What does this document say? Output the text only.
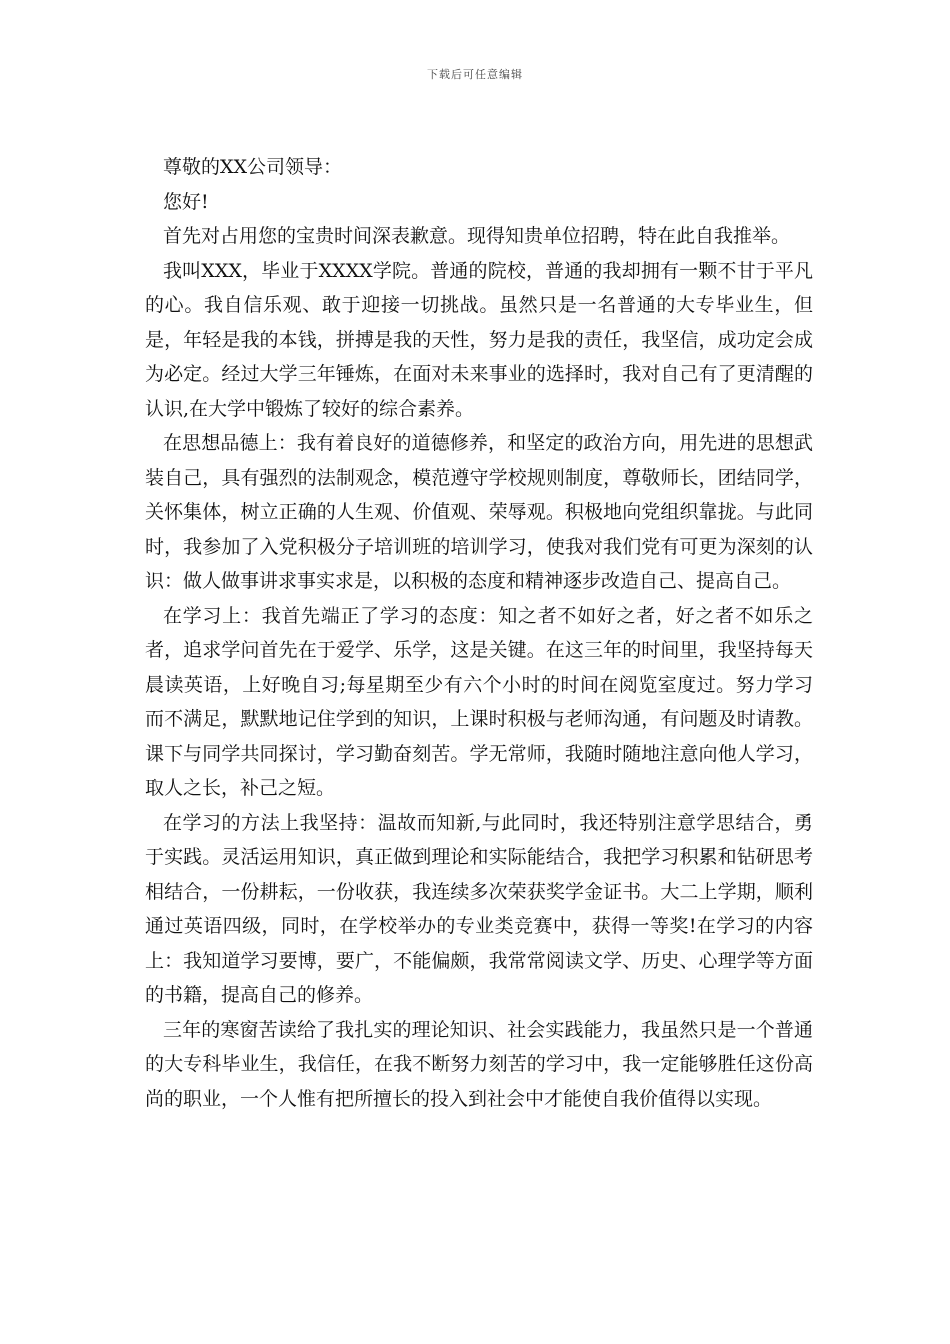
下载后可任意编辑

尊敬的XX公司领导：

您好!

首先对占用您的宝贵时间深表歉意。现得知贵单位招聘，特在此自我推举。

我叫XXX，毕业于XXXX学院。普通的院校，普通的我却拥有一颗不甘于平凡的心。我自信乐观、敢于迎接一切挑战。虽然只是一名普通的大专毕业生，但是，年轻是我的本钱，拼搏是我的天性，努力是我的责任，我坚信，成功定会成为必定。经过大学三年锤炼，在面对未来事业的选择时，我对自己有了更清醒的认识,在大学中锻炼了较好的综合素养。

在思想品德上：我有着良好的道德修养，和坚定的政治方向，用先进的思想武装自己，具有强烈的法制观念，模范遵守学校规则制度，尊敬师长，团结同学，关怀集体，树立正确的人生观、价值观、荣辱观。积极地向党组织靠拢。与此同时，我参加了入党积极分子培训班的培训学习，使我对我们党有可更为深刻的认识：做人做事讲求事实求是，以积极的态度和精神逐步改造自己、提高自己。

在学习上：我首先端正了学习的态度：知之者不如好之者，好之者不如乐之者，追求学问首先在于爱学、乐学，这是关键。在这三年的时间里，我坚持每天晨读英语，上好晚自习;每星期至少有六个小时的时间在阅览室度过。努力学习而不满足，默默地记住学到的知识，上课时积极与老师沟通，有问题及时请教。课下与同学共同探讨，学习勤奋刻苦。学无常师，我随时随地注意向他人学习，取人之长，补己之短。

在学习的方法上我坚持：温故而知新,与此同时，我还特别注意学思结合，勇于实践。灵活运用知识，真正做到理论和实际能结合，我把学习积累和钻研思考相结合，一份耕耘，一份收获，我连续多次荣获奖学金证书。大二上学期，顺利通过英语四级，同时，在学校举办的专业类竞赛中，获得一等奖!在学习的内容上：我知道学习要博，要广，不能偏颇，我常常阅读文学、历史、心理学等方面的书籍，提高自己的修养。

三年的寒窗苦读给了我扎实的理论知识、社会实践能力，我虽然只是一个普通的大专科毕业生，我信任，在我不断努力刻苦的学习中，我一定能够胜任这份高尚的职业，一个人惟有把所擅长的投入到社会中才能使自我价值得以实现。
